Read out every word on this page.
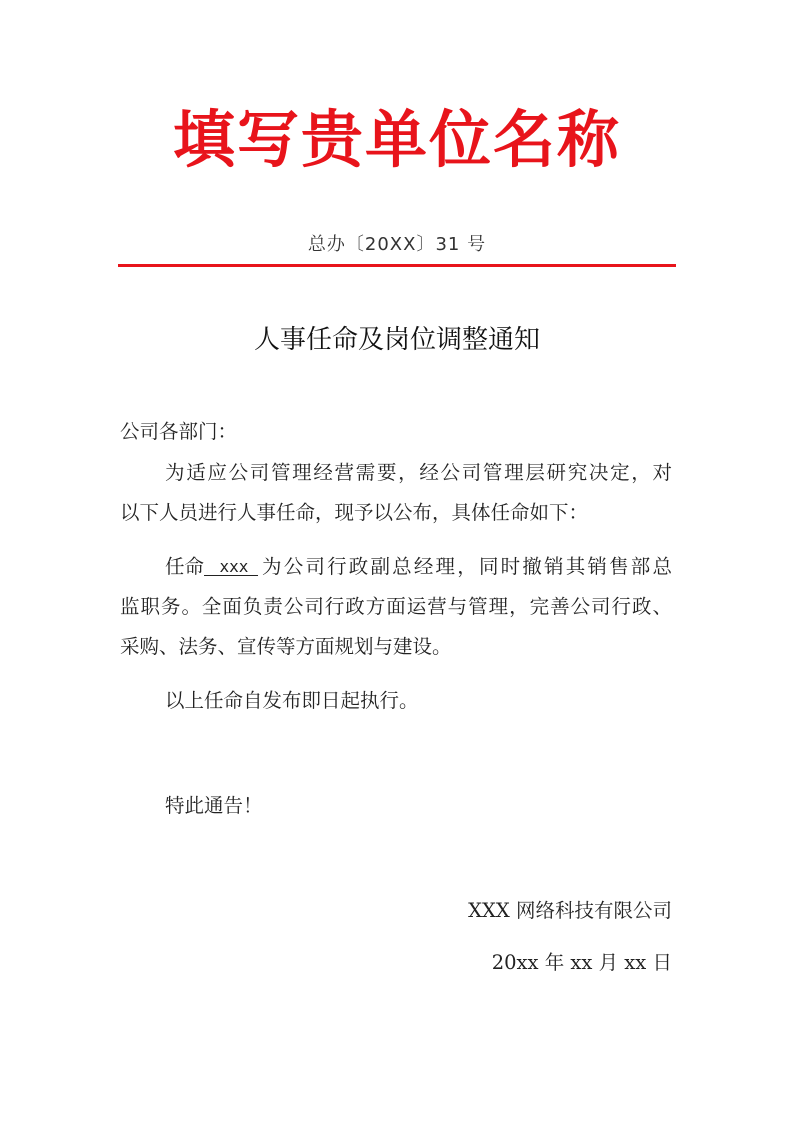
填写贵单位名称
总办〔20XX〕31 号
人事任命及岗位调整通知
公司各部门：
为适应公司管理经营需要，经公司管理层研究决定，对
以下人员进行人事任命，现予以公布，具体任命如下：
任命 xxx 为公司行政副总经理，同时撤销其销售部总
监职务。全面负责公司行政方面运营与管理，完善公司行政、
采购、法务、宣传等方面规划与建设。
以上任命自发布即日起执行。
特此通告！
XXX 网络科技有限公司
20xx 年 xx 月 xx 日
